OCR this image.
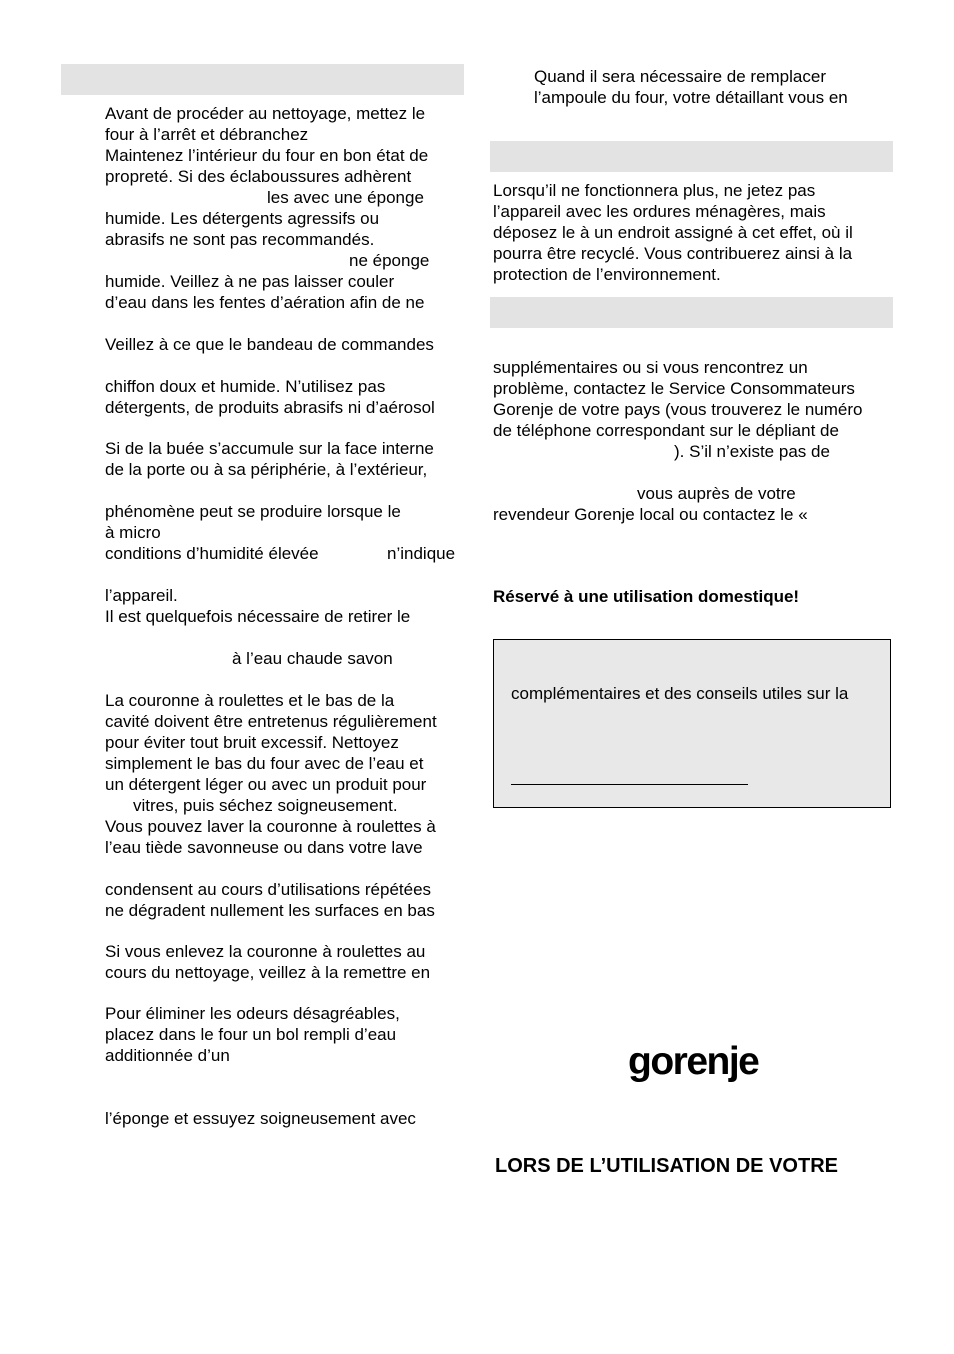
Avant de procéder au nettoyage, mettez le
four à l’arrêt et débranchez
Maintenez l’intérieur du four en bon état de
propreté. Si des éclaboussures adhèrent
les avec une éponge
humide. Les détergents agressifs ou
abrasifs ne sont pas recommandés.
ne éponge
humide. Veillez à ne pas laisser couler
d’eau dans les fentes d’aération afin de ne
Veillez à ce que le bandeau de commandes
chiffon doux et humide. N’utilisez pas
détergents, de produits abrasifs ni d’aérosol
Si de la buée s’accumule sur la face interne
de la porte ou à sa périphérie, à l’extérieur,
phénomène peut se produire lorsque le
à micro
conditions d’humidité élevée	n’indique
l’appareil.
Il est quelquefois nécessaire de retirer le
à l’eau chaude savon
La couronne à roulettes et le bas de la
cavité doivent être entretenus régulièrement
pour éviter tout bruit excessif. Nettoyez
simplement le bas du four avec de l’eau et
un détergent léger ou avec un produit pour
vitres, puis séchez soigneusement.
Vous pouvez laver la couronne à roulettes à
l’eau tiède savonneuse ou dans votre lave
condensent au cours d’utilisations répétées
ne dégradent nullement les surfaces en bas
Si vous enlevez la couronne à roulettes au
cours du nettoyage, veillez à la remettre en
Pour éliminer les odeurs désagréables,
placez dans le four un bol rempli d’eau
additionnée d’un
l’éponge et essuyez soigneusement avec
Quand il sera nécessaire de remplacer
l’ampoule du four, votre détaillant vous en
Lorsqu’il ne fonctionnera plus, ne jetez pas
l’appareil avec les ordures ménagères, mais
déposez le à un endroit assigné à cet effet, où il
pourra être recyclé. Vous contribuerez ainsi à la
protection de l’environnement.
supplémentaires ou si vous rencontrez un
problème, contactez le Service Consommateurs
Gorenje de votre pays (vous trouverez le numéro
de téléphone correspondant sur le dépliant de
). S’il n’existe pas de
vous auprès de votre
revendeur Gorenje local ou contactez le «
Réservé à une utilisation domestique!
complémentaires et des conseils utiles sur la
gorenje
LORS DE L’UTILISATION DE VOTRE
